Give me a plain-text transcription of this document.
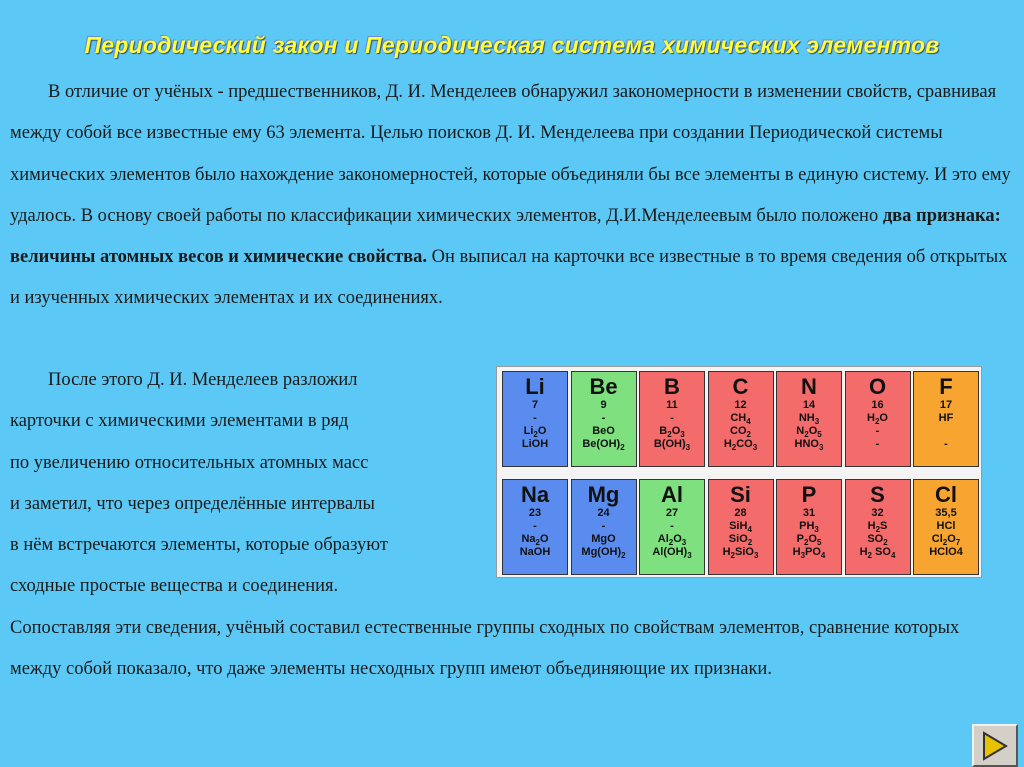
Периодический закон и Периодическая система химических элементов

В отличие от учёных - предшественников, Д. И. Менделеев обнаружил закономерности в изменении свойств, сравнивая между собой все известные ему 63 элемента. Целью поисков Д. И. Менделеева при создании Периодической системы химических элементов было нахождение закономерностей, которые объединяли бы все элементы в единую систему. И это ему удалось. В основу своей работы по классификации химических элементов, Д.И.Менделеевым было положено два признака: величины атомных весов и химические свойства. Он выписал на карточки все известные в то время сведения об открытых и изученных химических элементах и их соединениях.

После этого Д. И. Менделеев разложил
карточки с химическими элементами в ряд
по увеличению относительных атомных масс
и заметил, что через определённые интервалы
в нём встречаются элементы, которые образуют
сходные простые вещества и соединения.

Сопоставляя эти сведения, учёный составил естественные группы сходных по свойствам элементов, сравнение которых между собой показало, что даже элементы несходных групп имеют объединяющие их признаки.

Li
7
-
$Li_2O$
LiOH
Be
9
-
BeO
$Be(OH)_2$
B
11
-
$B_2O_3$
$B(OH)_3$
C
12
$CH_4$
$CO_2$
$H_2CO_3$
N
14
$NH_3$
$N_2O_5$
$HNO_3$
O
16
$H_2O$
-
-
F
17
HF

-
Na
23
-
$Na_2O$
NaOH
Mg
24
-
MgO
$Mg(OH)_2$
Al
27
-
$Al_2O_3$
$Al(OH)_3$
Si
28
SiH$_4$
SiO$_2$
$H_2SiO_3$
P
31
$PH_3$
$P_2O_5$
$H_3PO_4$
S
32
$H_2S$
$SO_2$
$H_2$ $SO_4$
Cl
35,5
HCl
$Cl_2O_7$
HClO4
